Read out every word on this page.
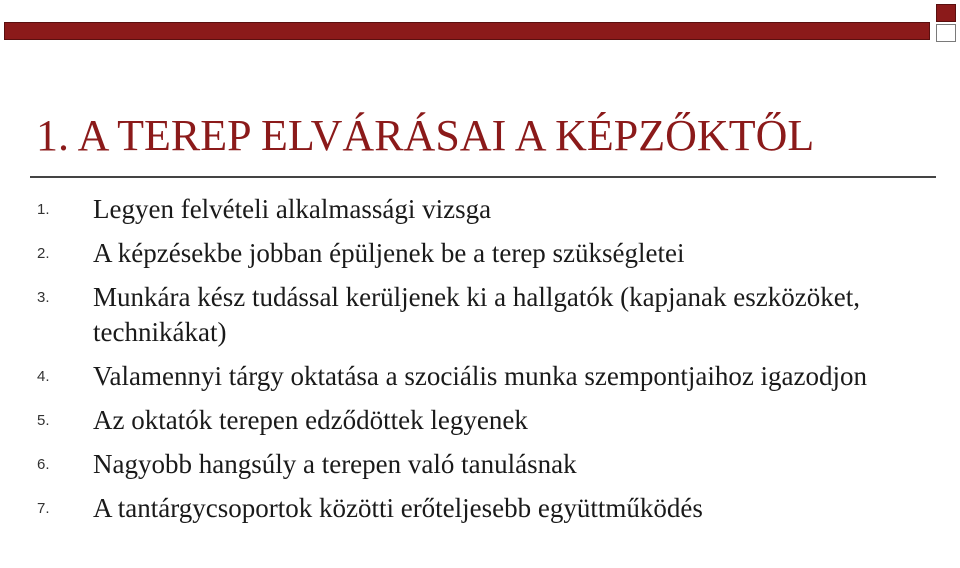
1. A TEREP ELVÁRÁSAI A KÉPZŐKTŐL
1. Legyen felvételi alkalmassági vizsga
2. A képzésekbe jobban épüljenek be a terep szükségletei
3. Munkára kész tudással kerüljenek ki a hallgatók (kapjanak eszközöket, technikákat)
4. Valamennyi tárgy oktatása a szociális munka szempontjaihoz igazodjon
5. Az oktatók terepen edződöttek legyenek
6. Nagyobb hangsúly a terepen való tanulásnak
7. A tantárgycsoportok közötti erőteljesebb együttműködés
